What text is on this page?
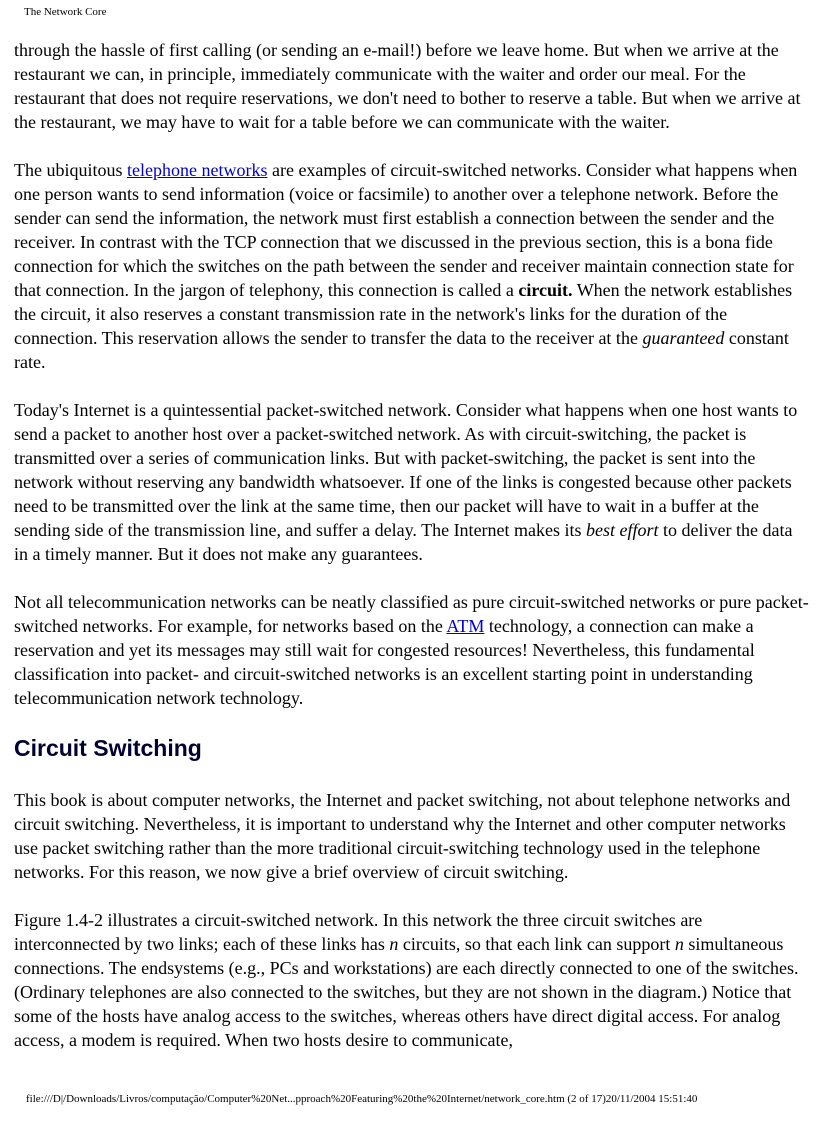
The Network Core

through the hassle of first calling (or sending an e-mail!) before we leave home. But when we arrive at the restaurant we can, in principle, immediately communicate with the waiter and order our meal. For the restaurant that does not require reservations, we don't need to bother to reserve a table. But when we arrive at the restaurant, we may have to wait for a table before we can communicate with the waiter.

The ubiquitous telephone networks are examples of circuit-switched networks. Consider what happens when one person wants to send information (voice or facsimile) to another over a telephone network. Before the sender can send the information, the network must first establish a connection between the sender and the receiver. In contrast with the TCP connection that we discussed in the previous section, this is a bona fide connection for which the switches on the path between the sender and receiver maintain connection state for that connection. In the jargon of telephony, this connection is called a circuit. When the network establishes the circuit, it also reserves a constant transmission rate in the network's links for the duration of the connection. This reservation allows the sender to transfer the data to the receiver at the guaranteed constant rate.

Today's Internet is a quintessential packet-switched network. Consider what happens when one host wants to send a packet to another host over a packet-switched network. As with circuit-switching, the packet is transmitted over a series of communication links. But with packet-switching, the packet is sent into the network without reserving any bandwidth whatsoever. If one of the links is congested because other packets need to be transmitted over the link at the same time, then our packet will have to wait in a buffer at the sending side of the transmission line, and suffer a delay. The Internet makes its best effort to deliver the data in a timely manner. But it does not make any guarantees.

Not all telecommunication networks can be neatly classified as pure circuit-switched networks or pure packet-switched networks. For example, for networks based on the ATM technology, a connection can make a reservation and yet its messages may still wait for congested resources! Nevertheless, this fundamental classification into packet- and circuit-switched networks is an excellent starting point in understanding telecommunication network technology.

Circuit Switching

This book is about computer networks, the Internet and packet switching, not about telephone networks and circuit switching. Nevertheless, it is important to understand why the Internet and other computer networks use packet switching rather than the more traditional circuit-switching technology used in the telephone networks. For this reason, we now give a brief overview of circuit switching.

Figure 1.4-2 illustrates a circuit-switched network. In this network the three circuit switches are interconnected by two links; each of these links has n circuits, so that each link can support n simultaneous connections. The endsystems (e.g., PCs and workstations) are each directly connected to one of the switches. (Ordinary telephones are also connected to the switches, but they are not shown in the diagram.) Notice that some of the hosts have analog access to the switches, whereas others have direct digital access. For analog access, a modem is required. When two hosts desire to communicate,

file:///D|/Downloads/Livros/computação/Computer%20Net...pproach%20Featuring%20the%20Internet/network_core.htm (2 of 17)20/11/2004 15:51:40
